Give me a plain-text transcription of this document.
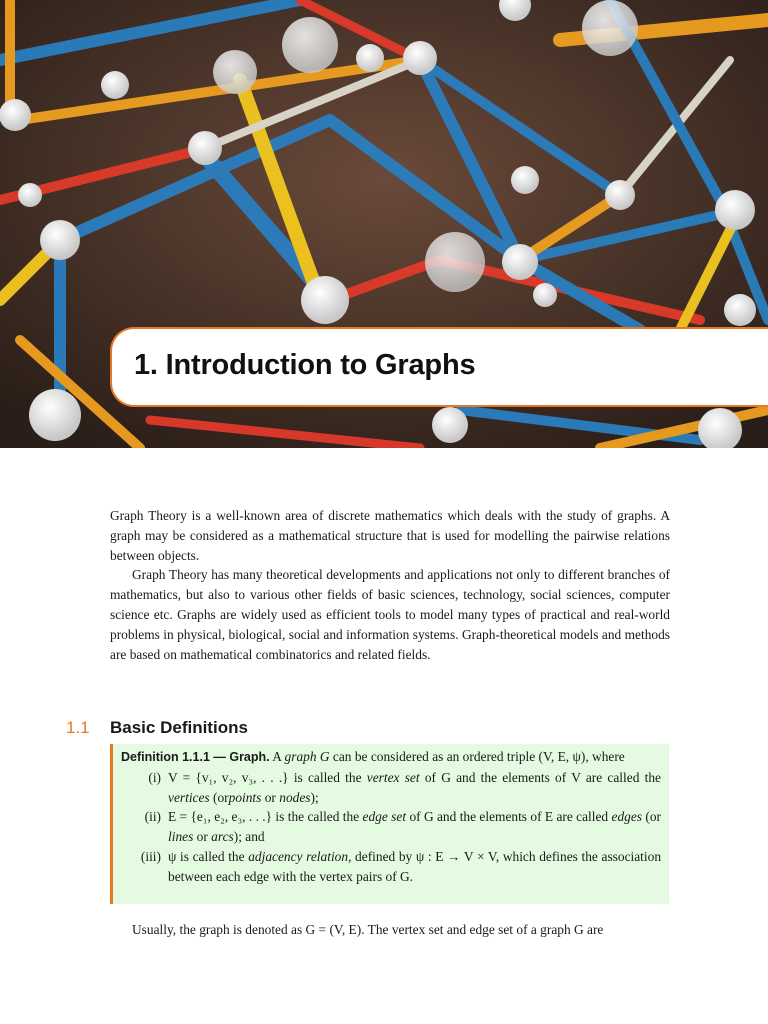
1. Introduction to Graphs

Graph Theory is a well-known area of discrete mathematics which deals with the study of graphs. A graph may be considered as a mathematical structure that is used for modelling the pairwise relations between objects.

Graph Theory has many theoretical developments and applications not only to different branches of mathematics, but also to various other fields of basic sciences, technology, social sciences, computer science etc. Graphs are widely used as efficient tools to model many types of practical and real-world problems in physical, biological, social and information systems. Graph-theoretical models and methods are based on mathematical combinatorics and related fields.

1.1 Basic Definitions

Definition 1.1.1 — Graph. A graph G can be considered as an ordered triple (V, E, ψ), where

(i) V = {v₁, v₂, v₃, . . .} is called the vertex set of G and the elements of V are called the vertices (orpoints or nodes);
(ii) E = {e₁, e₂, e₃, . . .} is the called the edge set of G and the elements of E are called edges (or lines or arcs); and
(iii) ψ is called the adjacency relation, defined by ψ : E → V × V, which defines the association between each edge with the vertex pairs of G.

Usually, the graph is denoted as G = (V, E). The vertex set and edge set of a graph G are
